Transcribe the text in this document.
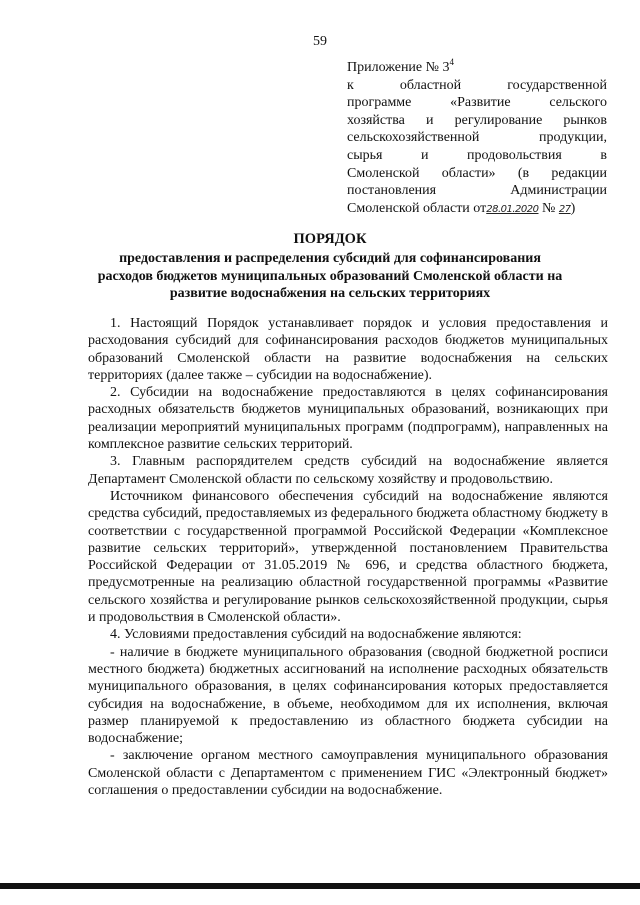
59
Приложение № $3^4$
к областной государственной
программе «Развитие сельского
хозяйства и регулирование рынков
сельскохозяйственной продукции,
сырья и продовольствия в
Смоленской области» (в редакции
постановления Администрации
Смоленской области от28.01.2020 № 27)
ПОРЯДОК
предоставления и распределения субсидий для софинансирования
расходов бюджетов муниципальных образований Смоленской области на
развитие водоснабжения на сельских территориях

1. Настоящий Порядок устанавливает порядок и условия предоставления и расходования субсидий для софинансирования расходов бюджетов муниципальных образований Смоленской области на развитие водоснабжения на сельских территориях (далее также – субсидии на водоснабжение).

2. Субсидии на водоснабжение предоставляются в целях софинансирования расходных обязательств бюджетов муниципальных образований, возникающих при реализации мероприятий муниципальных программ (подпрограмм), направленных на комплексное развитие сельских территорий.

3. Главным распорядителем средств субсидий на водоснабжение является Департамент Смоленской области по сельскому хозяйству и продовольствию.

Источником финансового обеспечения субсидий на водоснабжение являются средства субсидий, предоставляемых из федерального бюджета областному бюджету в соответствии с государственной программой Российской Федерации «Комплексное развитие сельских территорий», утвержденной постановлением Правительства Российской Федерации от 31.05.2019 № 696, и средства областного бюджета, предусмотренные на реализацию областной государственной программы «Развитие сельского хозяйства и регулирование рынков сельскохозяйственной продукции, сырья и продовольствия в Смоленской области».

4. Условиями предоставления субсидий на водоснабжение являются:

- наличие в бюджете муниципального образования (сводной бюджетной росписи местного бюджета) бюджетных ассигнований на исполнение расходных обязательств муниципального образования, в целях софинансирования которых предоставляется субсидия на водоснабжение, в объеме, необходимом для их исполнения, включая размер планируемой к предоставлению из областного бюджета субсидии на водоснабжение;

- заключение органом местного самоуправления муниципального образования Смоленской области с Департаментом с применением ГИС «Электронный бюджет» соглашения о предоставлении субсидии на водоснабжение.
